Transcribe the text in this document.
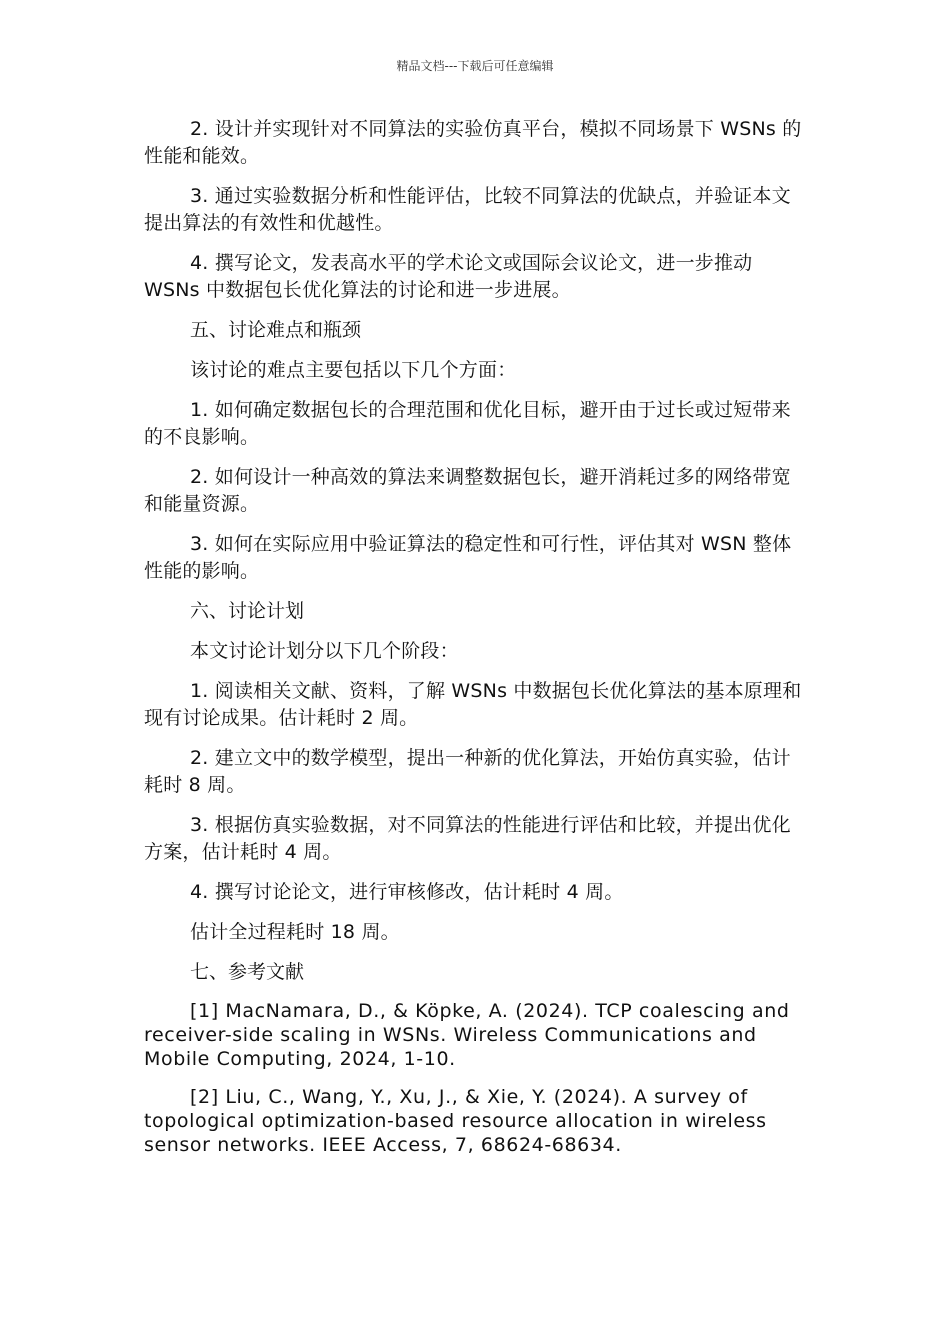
精品文档---下载后可任意编辑

2. 设计并实现针对不同算法的实验仿真平台，模拟不同场景下 WSNs 的性能和能效。

3. 通过实验数据分析和性能评估，比较不同算法的优缺点，并验证本文提出算法的有效性和优越性。

4. 撰写论文，发表高水平的学术论文或国际会议论文，进一步推动 WSNs 中数据包长优化算法的讨论和进一步进展。

五、讨论难点和瓶颈

该讨论的难点主要包括以下几个方面：

1. 如何确定数据包长的合理范围和优化目标，避开由于过长或过短带来的不良影响。

2. 如何设计一种高效的算法来调整数据包长，避开消耗过多的网络带宽和能量资源。

3. 如何在实际应用中验证算法的稳定性和可行性，评估其对 WSN 整体性能的影响。

六、讨论计划

本文讨论计划分以下几个阶段：

1. 阅读相关文献、资料，了解 WSNs 中数据包长优化算法的基本原理和现有讨论成果。估计耗时 2 周。

2. 建立文中的数学模型，提出一种新的优化算法，开始仿真实验，估计耗时 8 周。

3. 根据仿真实验数据，对不同算法的性能进行评估和比较，并提出优化方案，估计耗时 4 周。

4. 撰写讨论论文，进行审核修改，估计耗时 4 周。

估计全过程耗时 18 周。

七、参考文献

[1] MacNamara, D., & Köpke, A. (2024). TCP coalescing and receiver-side scaling in WSNs. Wireless Communications and Mobile Computing, 2024, 1-10.

[2] Liu, C., Wang, Y., Xu, J., & Xie, Y. (2024). A survey of topological optimization-based resource allocation in wireless sensor networks. IEEE Access, 7, 68624-68634.
